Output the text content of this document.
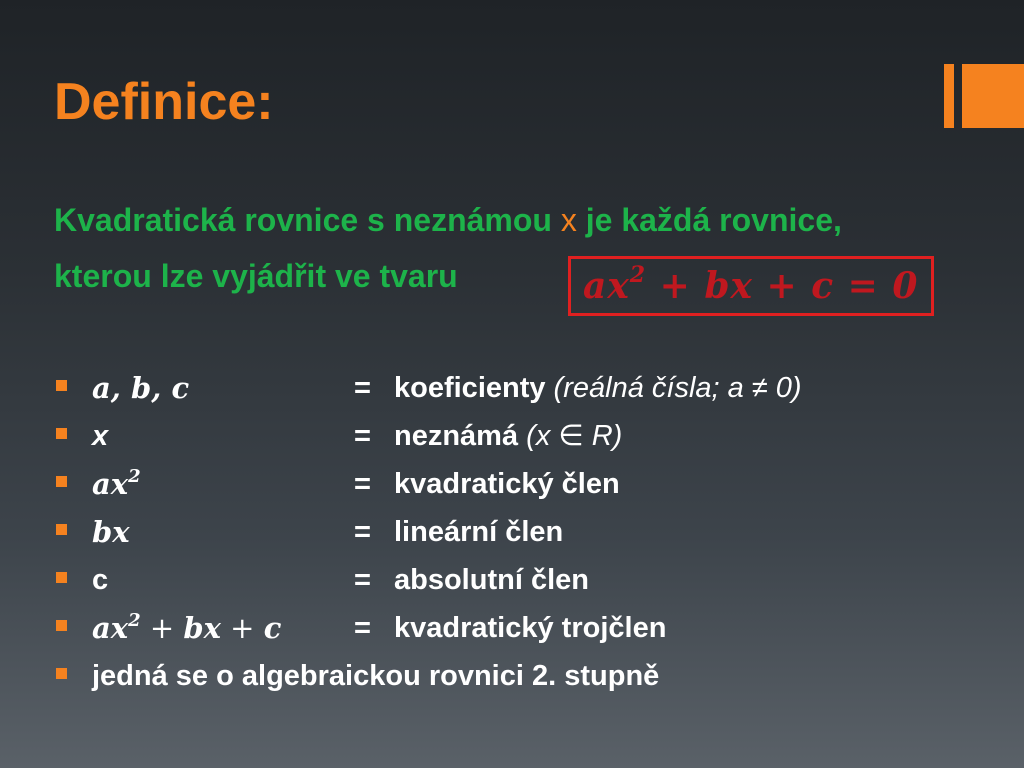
Definice:
Kvadratická rovnice s neznámou x je každá rovnice,
kterou lze vyjádřit ve tvaru	$ax^2$ + bx + c = 0
a, b, c	= koeficienty (reálná čísla; a ≠ 0)
x	= neznámá (x ∈ R)
$ax^2$	= kvadratický člen
bx	= lineární člen
c	= absolutní člen
$ax^2$ + bx + c	= kvadratický trojčlen
jedná se o algebraickou rovnici 2. stupně
